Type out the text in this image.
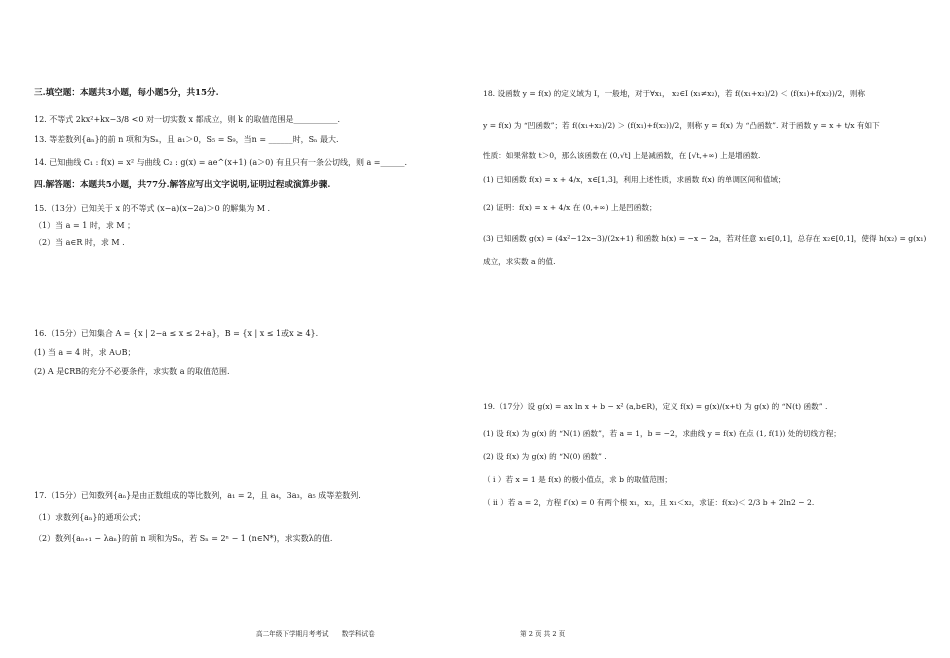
三.填空题：本题共3小题，每小题5分，共15分.
12. 不等式 2kx²+kx−3/8 <0 对一切实数 x 都成立，则 k 的取值范围是___________.
13. 等差数列{aₙ}的前 n 项和为Sₙ，且 a₁＞0，S₅ = S₉，当n = ______时，Sₙ 最大.
14. 已知曲线 C₁ : f(x) = x² 与曲线 C₂ : g(x) = ae^(x+1) (a＞0) 有且只有一条公切线，则 a =______.
四.解答题：本题共5小题，共77分.解答应写出文字说明,证明过程或演算步骤.
15.（13分）已知关于 x 的不等式 (x−a)(x−2a)＞0 的解集为 M .
（1）当 a = 1 时，求 M ；
（2）当 a∈R 时，求 M .
16.（15分）已知集合 A = {x | 2−a ≤ x ≤ 2+a}，B = {x | x ≤ 1或x ≥ 4}.
(1) 当 a = 4 时，求 A∪B；
(2) A 是∁RB的充分不必要条件，求实数 a 的取值范围.
17.（15分）已知数列{aₙ}是由正数组成的等比数列，a₁ = 2，且 a₄，3a₃，a₅ 成等差数列.
（1）求数列{aₙ}的通项公式；
（2）数列{aₙ₊₁ − λaₙ}的前 n 项和为Sₙ，若 Sₙ = 2ⁿ − 1 (n∈N*)，求实数λ的值.
18. 设函数 y = f(x) 的定义域为 I，一般地，对于∀x₁， x₂∈I (x₁≠x₂)，若 f((x₁+x₂)/2) ＜ (f(x₁)+f(x₂))/2，则称
y = f(x) 为 “凹函数”；若 f((x₁+x₂)/2) ＞ (f(x₁)+f(x₂))/2，则称 y = f(x) 为 “凸函数”. 对于函数 y = x + t/x 有如下
性质：如果常数 t＞0，那么该函数在 (0,√t] 上是减函数，在 [√t,+∞) 上是增函数.
(1) 已知函数 f(x) = x + 4/x，x∈[1,3]，利用上述性质，求函数 f(x) 的单调区间和值域；
(2) 证明：f(x) = x + 4/x 在 (0,+∞) 上是凹函数；
(3) 已知函数 g(x) = (4x²−12x−3)/(2x+1) 和函数 h(x) = −x − 2a，若对任意 x₁∈[0,1]，总存在 x₂∈[0,1]，使得 h(x₂) = g(x₁)
成立，求实数 a 的值.
19.（17分）设 g(x) = ax ln x + b − x² (a,b∈R)，定义 f(x) = g(x)/(x+t) 为 g(x) 的 “N(t) 函数” .
(1) 设 f(x) 为 g(x) 的 “N(1) 函数”，若 a = 1，b = −2，求曲线 y = f(x) 在点 (1, f(1)) 处的切线方程；
(2) 设 f(x) 为 g(x) 的 “N(0) 函数” .
（ i ）若 x = 1 是 f(x) 的极小值点，求 b 的取值范围；
（ ii ）若 a = 2，方程 f′(x) = 0 有两个根 x₁，x₂，且 x₁＜x₂，求证：f(x₂)＜ 2/3 b + 2ln2 − 2.
高二年级下学期月考考试　　数学科试卷	第 2 页 共 2 页
